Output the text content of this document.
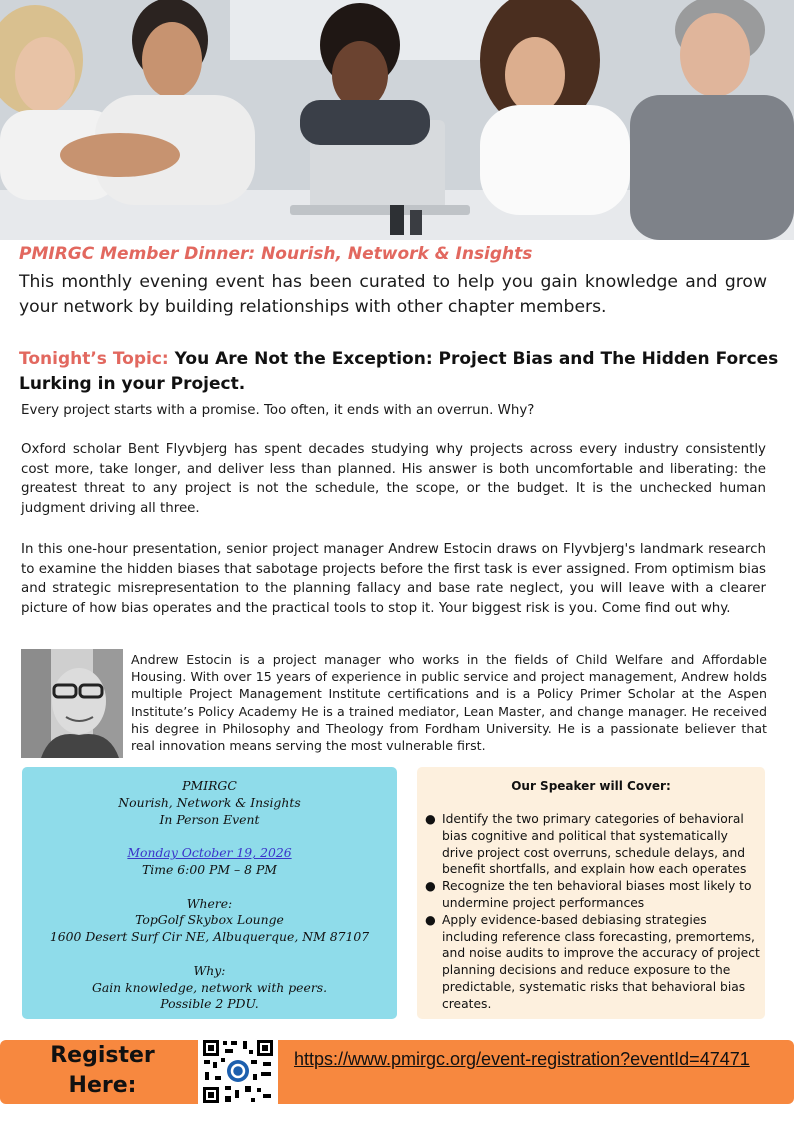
PMIRGC Member Dinner: Nourish, Network & Insights
This monthly evening event has been curated to help you gain knowledge and grow your network by building relationships with other chapter members.
Tonight’s Topic: You Are Not the Exception: Project Bias and The Hidden Forces Lurking in your Project.
Every project starts with a promise. Too often, it ends with an overrun. Why?
Oxford scholar Bent Flyvbjerg has spent decades studying why projects across every industry consistently cost more, take longer, and deliver less than planned. His answer is both uncomfortable and liberating: the greatest threat to any project is not the schedule, the scope, or the budget. It is the unchecked human judgment driving all three.
In this one-hour presentation, senior project manager Andrew Estocin draws on Flyvbjerg's landmark research to examine the hidden biases that sabotage projects before the first task is ever assigned. From optimism bias and strategic misrepresentation to the planning fallacy and base rate neglect, you will leave with a clearer picture of how bias operates and the practical tools to stop it. Your biggest risk is you. Come find out why.
Andrew Estocin is a project manager who works in the fields of Child Welfare and Affordable Housing. With over 15 years of experience in public service and project management, Andrew holds multiple Project Management Institute certifications and is a Policy Primer Scholar at the Aspen Institute’s Policy Academy He is a trained mediator, Lean Master, and change manager. He received his degree in Philosophy and Theology from Fordham University. He is a passionate believer that real innovation means serving the most vulnerable first.
PMIRGC
Nourish, Network & Insights
In Person Event
Monday October 19, 2026
Time 6:00 PM – 8 PM
Where:
TopGolf Skybox Lounge
1600 Desert Surf Cir NE, Albuquerque, NM 87107
Why:
Gain knowledge, network with peers.
Possible 2 PDU.
Our Speaker will Cover:
● Identify the two primary categories of behavioral bias cognitive and political that systematically drive project cost overruns, schedule delays, and benefit shortfalls, and explain how each operates
● Recognize the ten behavioral biases most likely to undermine project performances
● Apply evidence-based debiasing strategies including reference class forecasting, premortems, and noise audits to improve the accuracy of project planning decisions and reduce exposure to the predictable, systematic risks that behavioral bias creates.
Register Here:
https://www.pmirgc.org/event-registration?eventId=47471
